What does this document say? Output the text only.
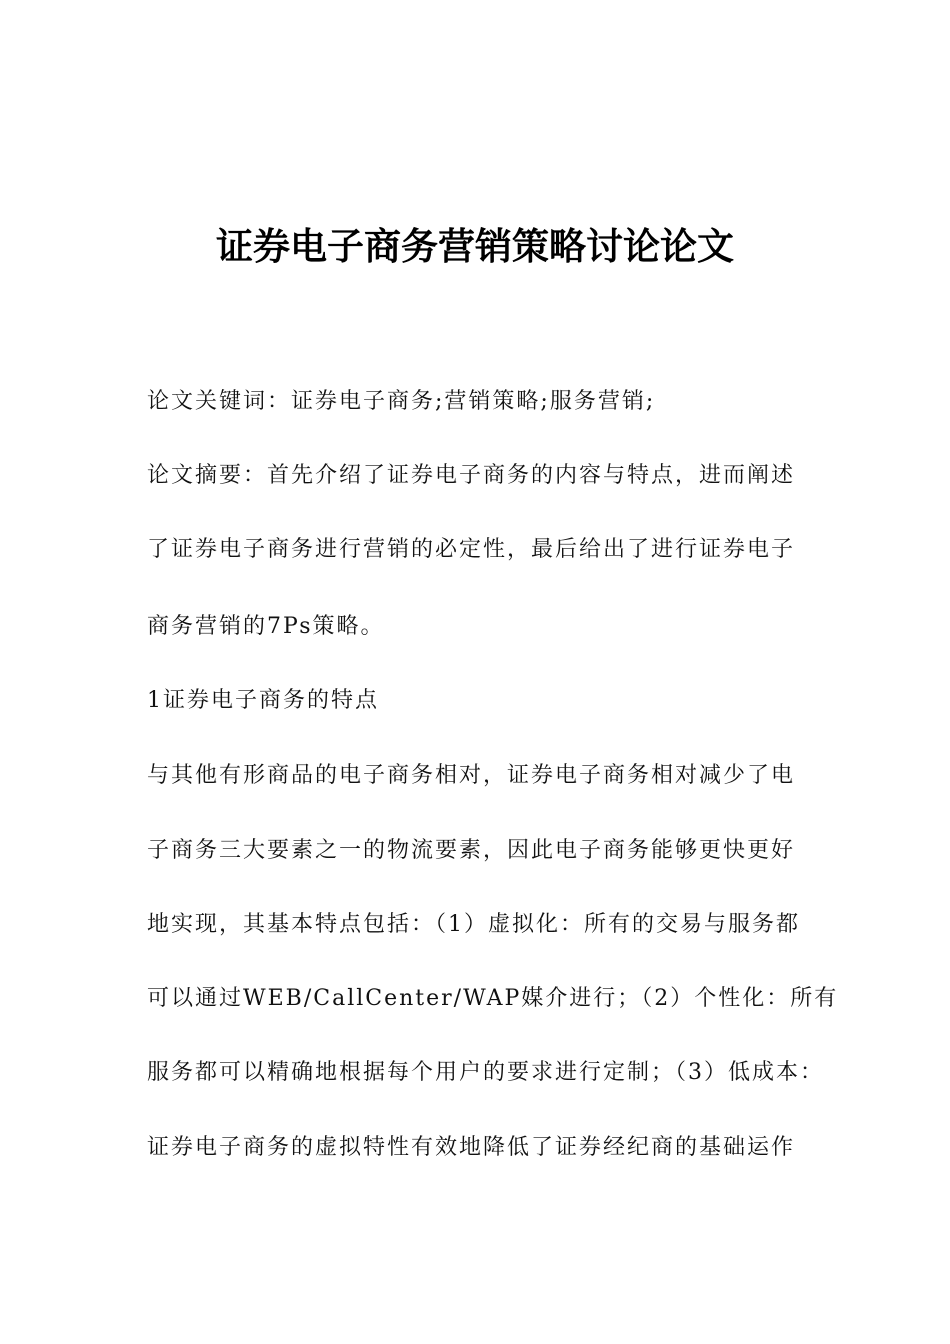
证券电子商务营销策略讨论论文
论文关键词：证券电子商务;营销策略;服务营销;
论文摘要：首先介绍了证券电子商务的内容与特点，进而阐述
了证券电子商务进行营销的必定性，最后给出了进行证券电子
商务营销的7Ps策略。
1证券电子商务的特点
与其他有形商品的电子商务相对，证券电子商务相对减少了电
子商务三大要素之一的物流要素，因此电子商务能够更快更好
地实现，其基本特点包括：（1）虚拟化：所有的交易与服务都
可以通过WEB/CallCenter/WAP媒介进行；（2）个性化：所有
服务都可以精确地根据每个用户的要求进行定制；（3）低成本：
证券电子商务的虚拟特性有效地降低了证券经纪商的基础运作
